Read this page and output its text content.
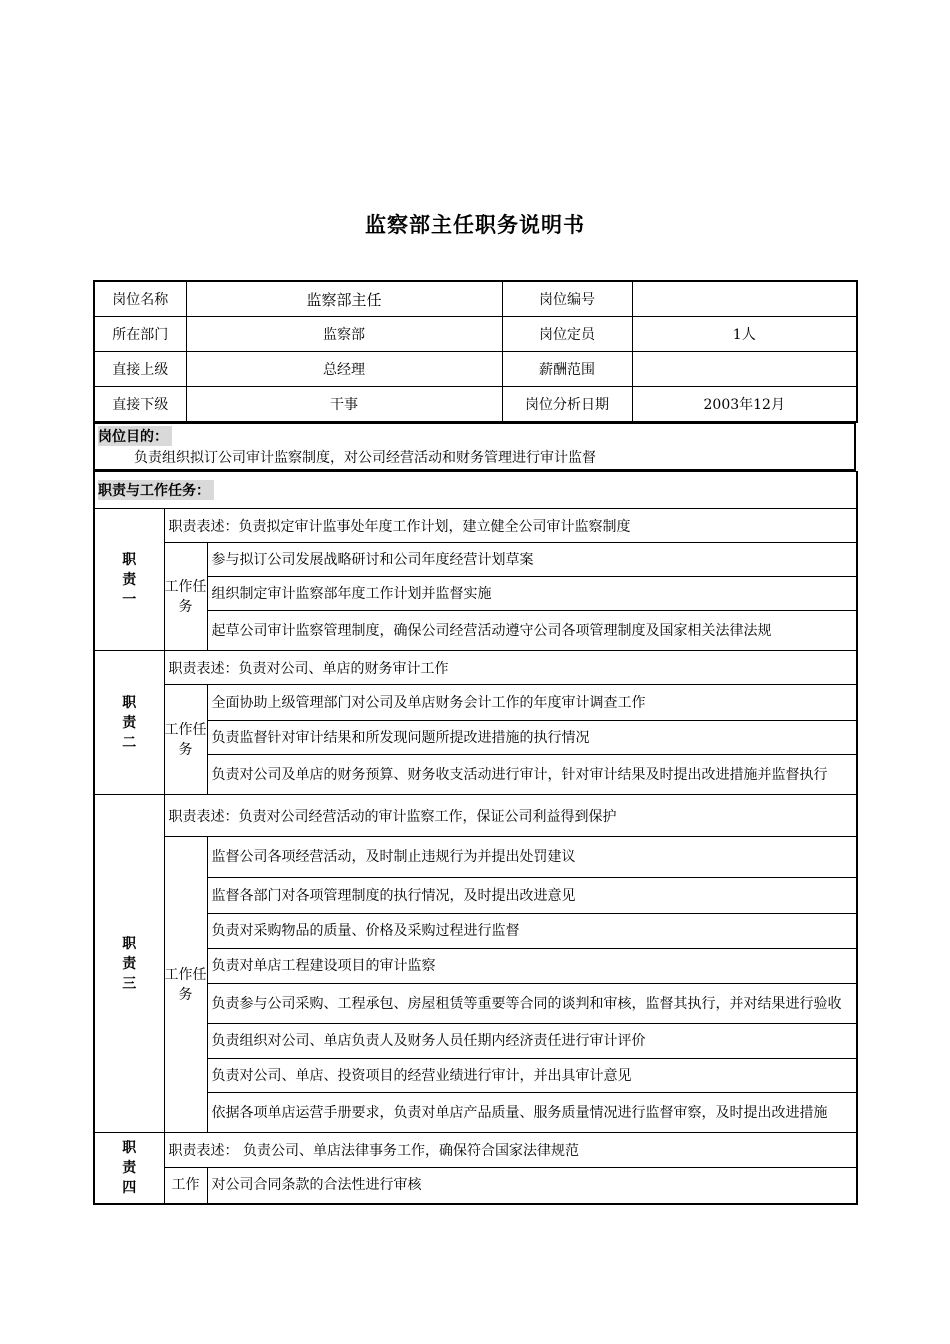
监察部主任职务说明书
岗位名称	监察部主任	岗位编号	
所在部门	监察部	岗位定员	1人
直接上级	总经理	薪酬范围	
直接下级	干事	岗位分析日期	2003年12月
岗位目的：
负责组织拟订公司审计监察制度，对公司经营活动和财务管理进行审计监督
职责与工作任务：		

职
责
一	职责表述：负责拟定审计监事处年度工作计划，建立健全公司审计监察制度	
	工作任务	参与拟订公司发展战略研讨和公司年度经营计划草案
		组织制定审计监察部年度工作计划并监督实施
		起草公司审计监察管理制度，确保公司经营活动遵守公司各项管理制度及国家相关法律法规

职
责
二	职责表述：负责对公司、单店的财务审计工作	
	工作任务	全面协助上级管理部门对公司及单店财务会计工作的年度审计调查工作
		负责监督针对审计结果和所发现问题所提改进措施的执行情况
		负责对公司及单店的财务预算、财务收支活动进行审计，针对审计结果及时提出改进措施并监督执行

职
责
三	职责表述：负责对公司经营活动的审计监察工作，保证公司利益得到保护	
	工作任务	监督公司各项经营活动，及时制止违规行为并提出处罚建议
		监督各部门对各项管理制度的执行情况，及时提出改进意见
		负责对采购物品的质量、价格及采购过程进行监督
		负责对单店工程建设项目的审计监察
		负责参与公司采购、工程承包、房屋租赁等重要等合同的谈判和审核，监督其执行，并对结果进行验收
		负责组织对公司、单店负责人及财务人员任期内经济责任进行审计评价
		负责对公司、单店、投资项目的经营业绩进行审计，并出具审计意见
		依据各项单店运营手册要求，负责对单店产品质量、服务质量情况进行监督审察，及时提出改进措施

职
责
四	职责表述： 负责公司、单店法律事务工作，确保符合国家法律规范	
	工作	对公司合同条款的合法性进行审核
